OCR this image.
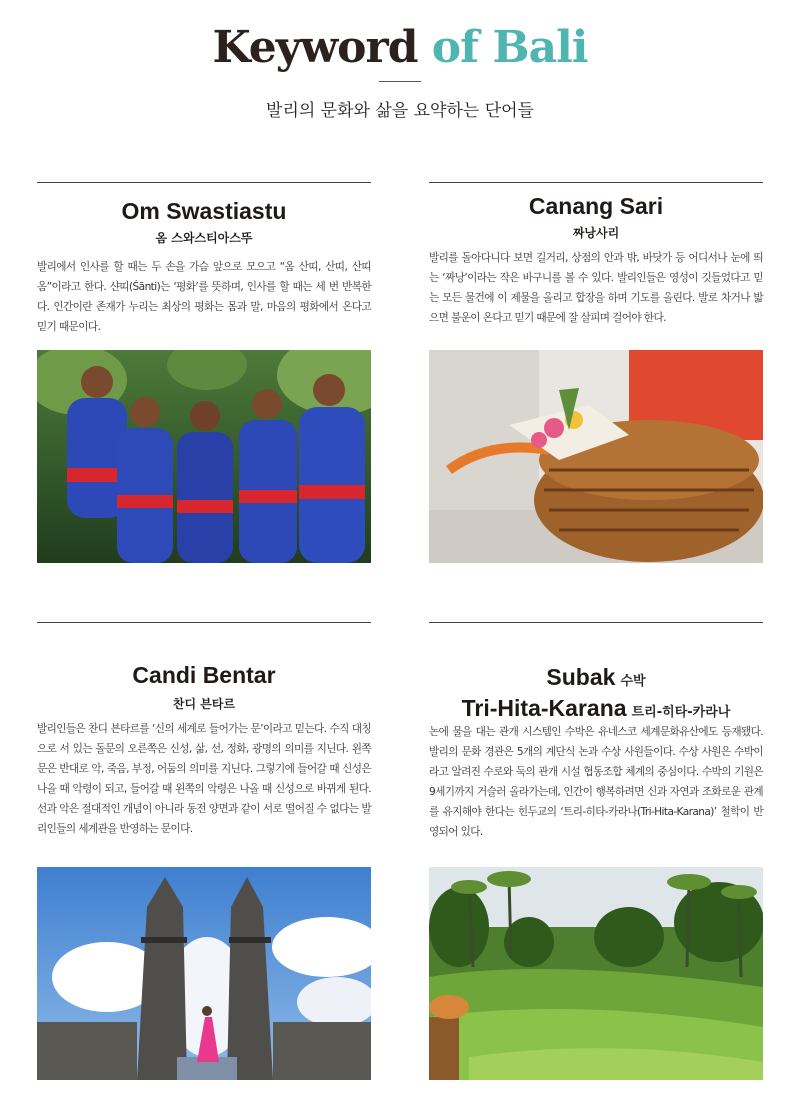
Keyword of Bali
발리의 문화와 삶을 요약하는 단어들
Om Swastiastu
옴 스와스티아스뚜

발리에서 인사를 할 때는 두 손을 가슴 앞으로 모으고 “옴 산띠, 산띠, 산띠 옴”이라고 한다. 샨띠(Śānti)는 ‘평화’를 뜻하며, 인사를 할 때는 세 번 반복한다. 인간이란 존재가 누리는 최상의 평화는 몸과 말, 마음의 평화에서 온다고 믿기 때문이다.

Canang Sari
짜낭사리

발리를 돌아다니다 보면 길거리, 상점의 안과 밖, 바닷가 등 어디서나 눈에 띄는 ‘짜낭’이라는 작은 바구니를 볼 수 있다. 발리인들은 영성이 깃들었다고 믿는 모든 물건에 이 제물을 올리고 합장을 하며 기도를 올린다. 발로 차거나 밟으면 불운이 온다고 믿기 때문에 잘 살피며 걸어야 한다.

Candi Bentar
찬디 븐타르

발리인들은 찬디 븐타르를 ‘신의 세계로 들어가는 문’이라고 믿는다. 수직 대칭으로 서 있는 돌문의 오른쪽은 신성, 삶, 선, 정화, 광명의 의미를 지닌다. 왼쪽 문은 반대로 악, 죽음, 부정, 어둠의 의미를 지닌다. 그렇기에 들어갈 때 신성은 나올 때 악령이 되고, 들어갈 때 왼쪽의 악령은 나올 때 신성으로 바뀌게 된다. 선과 악은 절대적인 개념이 아니라 동전 양면과 같이 서로 떨어질 수 없다는 발리인들의 세계관을 반영하는 문이다.

Subak 수박
Tri-Hita-Karana 트리-히타-카라나

논에 물을 대는 관개 시스템인 수박은 유네스코 세계문화유산에도 등재됐다. 발리의 문화 경관은 5개의 계단식 논과 수상 사원들이다. 수상 사원은 수박이라고 알려진 수로와 둑의 관개 시설 협동조합 체계의 중심이다. 수박의 기원은 9세기까지 거슬러 올라가는데, 인간이 행복하려면 신과 자연과 조화로운 관계를 유지해야 한다는 힌두교의 ‘트리-히타-카라나(Tri-Hita-Karana)’ 철학이 반영되어 있다.
